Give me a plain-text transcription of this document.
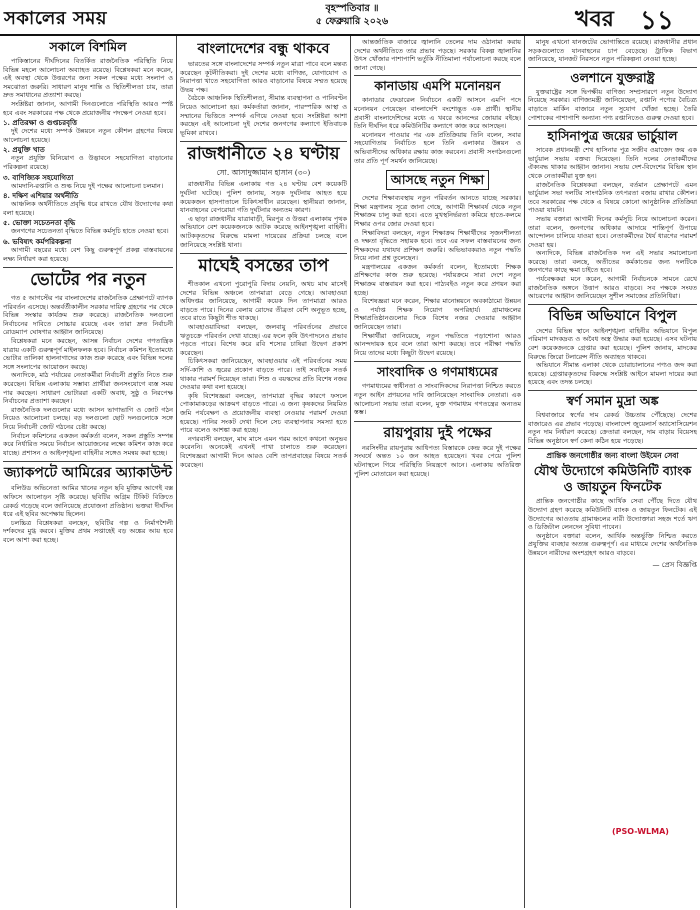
সকালের সময়	বৃহস্পতিবার ॥
৫ ফেব্রুয়ারি ২০২৬	খবর ১১
সকালে বিশমিল

পাকিস্তানের দীর্ঘদিনের বিতর্কিত রাজনৈতিক পরিস্থিতি নিয়ে বিভিন্ন মহলে আলোচনা অব্যাহত রয়েছে। বিশ্লেষকরা মনে করেন, এই অবস্থা থেকে উত্তরণের জন্য সকল পক্ষের মধ্যে সংলাপ ও সমঝোতা জরুরি। সাধারণ মানুষ শান্তি ও স্থিতিশীলতা চায়, তারা দ্রুত সমাধানের প্রত্যাশা করছে।

সংশ্লিষ্টরা জানান, আগামী দিনগুলোতে পরিস্থিতি আরও স্পষ্ট হবে এবং সরকারের পক্ষ থেকে প্রয়োজনীয় পদক্ষেপ নেওয়া হবে।

১. প্রতিরক্ষা ও গুপ্তচরবৃত্তি

দুই দেশের মধ্যে সম্পর্ক উন্নয়নে নতুন কৌশল গ্রহণের বিষয়ে আলোচনা হয়েছে।

২. প্রযুক্তি খাত

নতুন প্রযুক্তি বিনিয়োগ ও উদ্ভাবনে সহযোগিতা বাড়ানোর পরিকল্পনা রয়েছে।

৩. বাণিজ্যিক সহযোগিতা

আমদানি-রপ্তানি ও শুল্ক নিয়ে দুই পক্ষের আলোচনা চলমান।

৪. দক্ষিণ এশিয়ার অর্থনীতি

আঞ্চলিক অর্থনীতিতে প্রবৃদ্ধি ধরে রাখতে যৌথ উদ্যোগের কথা বলা হয়েছে।

৫. ভোক্তা সচেতনতা বৃদ্ধি

জনগণের সচেতনতা বৃদ্ধিতে বিভিন্ন কর্মসূচি হাতে নেওয়া হবে।

৬. ভবিষ্যৎ কর্মপরিকল্পনা

আগামী বছরের মধ্যে বেশ কিছু গুরুত্বপূর্ণ প্রকল্প বাস্তবায়নের লক্ষ্য নির্ধারণ করা হয়েছে।

ভোটের পর নতুন

গত ৫ আগস্টের পর বাংলাদেশের রাজনৈতিক প্রেক্ষাপটে ব্যাপক পরিবর্তন এসেছে। অন্তর্বর্তীকালীন সরকার দায়িত্ব গ্রহণের পর থেকে বিভিন্ন সংস্কার কার্যক্রম শুরু করেছে। রাজনৈতিক দলগুলো নির্বাচনের দাবিতে সোচ্চার রয়েছে এবং তারা দ্রুত নির্বাচনী রোডম্যাপ ঘোষণার আহ্বান জানিয়েছে।

বিশ্লেষকরা মনে করছেন, আসন্ন নির্বাচন দেশের গণতান্ত্রিক যাত্রায় একটি গুরুত্বপূর্ণ মাইলফলক হবে। নির্বাচন কমিশন ইতোমধ্যে ভোটার তালিকা হালনাগাদের কাজ শুরু করেছে এবং বিভিন্ন দলের সঙ্গে সংলাপের আয়োজন করছে।

অন্যদিকে, মাঠ পর্যায়ের নেতাকর্মীরা নির্বাচনী প্রস্তুতি নিতে শুরু করেছেন। বিভিন্ন এলাকায় সম্ভাব্য প্রার্থীরা জনসংযোগে ব্যস্ত সময় পার করছেন। সাধারণ ভোটাররা একটি অবাধ, সুষ্ঠু ও নিরপেক্ষ নির্বাচনের প্রত্যাশা করছেন।

রাজনৈতিক দলগুলোর মধ্যে আসন ভাগাভাগি ও জোট গঠন নিয়েও আলোচনা চলছে। বড় দলগুলো ছোট দলগুলোকে সঙ্গে নিয়ে নির্বাচনী জোট গঠনের চেষ্টা করছে।

নির্বাচন কমিশনের একজন কর্মকর্তা বলেন, সকল প্রস্তুতি সম্পন্ন করে নির্ধারিত সময়ে নির্বাচন আয়োজনের লক্ষ্যে কমিশন কাজ করে যাচ্ছে। প্রশাসন ও আইনশৃঙ্খলা বাহিনীর সঙ্গেও সমন্বয় করা হচ্ছে।

জ্যাকপটে আমিরের অ্যাকাউন্ট

বলিউড অভিনেতা আমির খানের নতুন ছবি মুক্তির আগেই বক্স অফিসে আলোড়ন সৃষ্টি করেছে। ছবিটির অগ্রিম টিকিট বিক্রিতে রেকর্ড গড়েছে বলে জানিয়েছে প্রযোজনা প্রতিষ্ঠান। ভক্তরা দীর্ঘদিন ধরে এই ছবির অপেক্ষায় ছিলেন।

চলচ্চিত্র বিশ্লেষকরা বলছেন, ছবিটির গল্প ও নির্মাণশৈলী দর্শকদের মুগ্ধ করবে। মুক্তির প্রথম সপ্তাহেই বড় অঙ্কের আয় হবে বলে আশা করা হচ্ছে।

বাংলাদেশের বন্ধু থাকবে

ভারতের সঙ্গে বাংলাদেশের সম্পর্ক নতুন মাত্রা পাবে বলে মন্তব্য করেছেন কূটনীতিকরা। দুই দেশের মধ্যে বাণিজ্য, যোগাযোগ ও নিরাপত্তা খাতে সহযোগিতা আরও বাড়ানোর বিষয়ে সম্মত হয়েছে উভয় পক্ষ।

বৈঠকে আঞ্চলিক স্থিতিশীলতা, সীমান্ত ব্যবস্থাপনা ও পানিবণ্টন নিয়েও আলোচনা হয়। কর্মকর্তারা জানান, পারস্পরিক আস্থা ও সম্মানের ভিত্তিতে সম্পর্ক এগিয়ে নেওয়া হবে। সংশ্লিষ্টরা আশা করছেন এই আলোচনা দুই দেশের জনগণের কল্যাণে ইতিবাচক ভূমিকা রাখবে।

রাজধানীতে ২৪ ঘণ্টায়
সো. আসাদুজ্জামান হাসান (৩০)

রাজধানীর বিভিন্ন এলাকায় গত ২৪ ঘণ্টায় বেশ কয়েকটি দুর্ঘটনা ঘটেছে। পুলিশ জানায়, সড়ক দুর্ঘটনায় আহত হয়ে কয়েকজন হাসপাতালে চিকিৎসাধীন রয়েছেন। স্থানীয়রা জানান, যানবাহনের বেপরোয়া গতি দুর্ঘটনার অন্যতম কারণ।

এ ছাড়া রাজধানীর যাত্রাবাড়ী, মিরপুর ও উত্তরা এলাকায় পৃথক অভিযানে বেশ কয়েকজনকে আটক করেছে আইনশৃঙ্খলা বাহিনী। আটককৃতদের বিরুদ্ধে মামলা দায়েরের প্রক্রিয়া চলছে বলে জানিয়েছে সংশ্লিষ্ট থানা।

মাঘেই বসন্তের তাপ

শীতকাল এখনো পুরোপুরি বিদায় নেয়নি, অথচ মাঘ মাসেই দেশের বিভিন্ন অঞ্চলে তাপমাত্রা বেড়ে গেছে। আবহাওয়া অধিদপ্তর জানিয়েছে, আগামী কয়েক দিন তাপমাত্রা আরও বাড়তে পারে। দিনের বেলায় রোদের তীব্রতা বেশি অনুভূত হচ্ছে, তবে রাতে কিছুটা শীত থাকছে।

আবহাওয়াবিদরা বলছেন, জলবায়ু পরিবর্তনের প্রভাবে ঋতুচক্রে পরিবর্তন দেখা যাচ্ছে। এর ফলে কৃষি উৎপাদনেও প্রভাব পড়তে পারে। বিশেষ করে রবি শস্যের চাষিরা উদ্বেগ প্রকাশ করেছেন।

চিকিৎসকরা জানিয়েছেন, আবহাওয়ার এই পরিবর্তনের সময় সর্দি-কাশি ও জ্বরের প্রকোপ বাড়তে পারে। তাই সবাইকে সতর্ক থাকার পরামর্শ দিয়েছেন তারা। শিশু ও বয়স্কদের প্রতি বিশেষ নজর দেওয়ার কথা বলা হয়েছে।

কৃষি বিশেষজ্ঞরা বলছেন, তাপমাত্রা বৃদ্ধির কারণে ফসলে পোকামাকড়ের আক্রমণ বাড়তে পারে। এ জন্য কৃষকদের নিয়মিত জমি পর্যবেক্ষণ ও প্রয়োজনীয় ব্যবস্থা নেওয়ার পরামর্শ দেওয়া হয়েছে। পানির সংকট দেখা দিলে সেচ ব্যবস্থাপনায় সমস্যা হতে পারে বলেও আশঙ্কা করা হচ্ছে।

নগরবাসী বলছেন, মাঘ মাসে এমন গরম আগে কখনো অনুভব করেননি। অনেকেই এখনই পাখা চালাতে শুরু করেছেন। বিশেষজ্ঞরা আগামী দিনে আরও বেশি তাপপ্রবাহের বিষয়ে সতর্ক করেছেন।

আন্তর্জাতিক বাজারে জ্বালানি তেলের দাম ওঠানামা করায় দেশের অর্থনীতিতে তার প্রভাব পড়ছে। সরকার বিকল্প জ্বালানির উৎস খোঁজার পাশাপাশি ভর্তুকি নীতিমালা পর্যালোচনা করছে বলে জানা গেছে।

কানাডায় এমপি মনোনয়ন

কানাডার ফেডারেল নির্বাচনে একটি আসনে এমপি পদে মনোনয়ন পেয়েছেন বাংলাদেশি বংশোদ্ভূত এক প্রার্থী। স্থানীয় প্রবাসী বাংলাদেশিদের মধ্যে এ খবরে আনন্দের জোয়ার বইছে। তিনি দীর্ঘদিন ধরে কমিউনিটির কল্যাণে কাজ করে আসছেন।

মনোনয়ন পাওয়ার পর এক প্রতিক্রিয়ায় তিনি বলেন, সবার সহযোগিতায় নির্বাচিত হলে তিনি এলাকার উন্নয়ন ও অভিবাসীদের অধিকার রক্ষায় কাজ করবেন। প্রবাসী সংগঠনগুলো তার প্রতি পূর্ণ সমর্থন জানিয়েছে।

আসছে নতুন শিক্ষা

দেশের শিক্ষাব্যবস্থায় নতুন পরিবর্তন আনতে যাচ্ছে সরকার। শিক্ষা মন্ত্রণালয় সূত্রে জানা গেছে, আগামী শিক্ষাবর্ষ থেকে নতুন শিক্ষাক্রম চালু করা হবে। এতে মুখস্থনির্ভরতা কমিয়ে হাতে-কলমে শিক্ষার ওপর জোর দেওয়া হবে।

শিক্ষাবিদরা বলছেন, নতুন শিক্ষাক্রম শিক্ষার্থীদের সৃজনশীলতা ও দক্ষতা বৃদ্ধিতে সহায়ক হবে। তবে এর সফল বাস্তবায়নের জন্য শিক্ষকদের যথাযথ প্রশিক্ষণ জরুরি। অভিভাবকরাও নতুন পদ্ধতি নিয়ে নানা প্রশ্ন তুলেছেন।

মন্ত্রণালয়ের একজন কর্মকর্তা বলেন, ইতোমধ্যে শিক্ষক প্রশিক্ষণের কাজ শুরু হয়েছে। পর্যায়ক্রমে সারা দেশে নতুন শিক্ষাক্রম বাস্তবায়ন করা হবে। পাঠ্যবইও নতুন করে প্রণয়ন করা হচ্ছে।

বিশেষজ্ঞরা মনে করেন, শিক্ষার মানোন্নয়নে অবকাঠামো উন্নয়ন ও পর্যাপ্ত শিক্ষক নিয়োগ অপরিহার্য। গ্রামাঞ্চলের শিক্ষাপ্রতিষ্ঠানগুলোর দিকে বিশেষ নজর দেওয়ার আহ্বান জানিয়েছেন তারা।

শিক্ষার্থীরা জানিয়েছে, নতুন পদ্ধতিতে পড়াশোনা আরও আনন্দদায়ক হবে বলে তারা আশা করছে। তবে পরীক্ষা পদ্ধতি নিয়ে তাদের মধ্যে কিছুটা উদ্বেগ রয়েছে।

সাংবাদিক ও গণমাধ্যমের

গণমাধ্যমের স্বাধীনতা ও সাংবাদিকদের নিরাপত্তা নিশ্চিত করতে নতুন আইন প্রণয়নের দাবি জানিয়েছেন সাংবাদিক নেতারা। এক আলোচনা সভায় তারা বলেন, মুক্ত গণমাধ্যম গণতন্ত্রের অন্যতম স্তম্ভ।

রায়পুরায় দুই পক্ষের

নরসিংদীর রায়পুরায় আধিপত্য বিস্তারকে কেন্দ্র করে দুই পক্ষের সংঘর্ষে অন্তত ১০ জন আহত হয়েছেন। খবর পেয়ে পুলিশ ঘটনাস্থলে গিয়ে পরিস্থিতি নিয়ন্ত্রণে আনে। এলাকায় অতিরিক্ত পুলিশ মোতায়েন করা হয়েছে।

মানুষ এখনো যানজটের ভোগান্তিতে রয়েছে। রাজধানীর প্রধান সড়কগুলোতে যানবাহনের চাপ বেড়েছে। ট্রাফিক বিভাগ জানিয়েছে, যানজট নিরসনে নতুন পরিকল্পনা নেওয়া হচ্ছে।

ওলশানে যুক্তরাষ্ট্র

যুক্তরাষ্ট্রের সঙ্গে দ্বিপক্ষীয় বাণিজ্য সম্প্রসারণে নতুন উদ্যোগ নিয়েছে সরকার। বাণিজ্যমন্ত্রী জানিয়েছেন, রপ্তানি পণ্যের বৈচিত্র্য বাড়াতে মার্কিন বাজারে নতুন সুযোগ খোঁজা হচ্ছে। তৈরি পোশাকের পাশাপাশি অন্যান্য পণ্য রপ্তানিতেও গুরুত্ব দেওয়া হবে।

হাসিনাপুত্র জয়ের ভার্চুয়াল

সাবেক প্রধানমন্ত্রী শেখ হাসিনার পুত্র সজীব ওয়াজেদ জয় এক ভার্চুয়াল সভায় বক্তব্য দিয়েছেন। তিনি দলের নেতাকর্মীদের ঐক্যবদ্ধ থাকার আহ্বান জানান। সভায় দেশ-বিদেশের বিভিন্ন স্থান থেকে নেতাকর্মীরা যুক্ত হন।

রাজনৈতিক বিশ্লেষকরা বলছেন, বর্তমান প্রেক্ষাপটে এমন ভার্চুয়াল সভা দলটির সাংগঠনিক তৎপরতা বজায় রাখার কৌশল। তবে সরকারের পক্ষ থেকে এ বিষয়ে কোনো আনুষ্ঠানিক প্রতিক্রিয়া পাওয়া যায়নি।

সভায় বক্তারা আগামী দিনের কর্মসূচি নিয়ে আলোচনা করেন। তারা বলেন, জনগণের অধিকার আদায়ে শান্তিপূর্ণ উপায়ে আন্দোলন চালিয়ে যাওয়া হবে। নেতাকর্মীদের ধৈর্য ধারণের পরামর্শ দেওয়া হয়।

অন্যদিকে, বিভিন্ন রাজনৈতিক দল এই সভার সমালোচনা করেছে। তারা বলছে, অতীতের কর্মকাণ্ডের জন্য দলটিকে জনগণের কাছে ক্ষমা চাইতে হবে।

পর্যবেক্ষকরা মনে করেন, আগামী নির্বাচনকে সামনে রেখে রাজনৈতিক অঙ্গনে উত্তাপ আরও বাড়বে। সব পক্ষকে সংযত আচরণের আহ্বান জানিয়েছেন সুশীল সমাজের প্রতিনিধিরা।

বিভিন্ন অভিযানে বিপুল

দেশের বিভিন্ন স্থানে আইনশৃঙ্খলা বাহিনীর অভিযানে বিপুল পরিমাণ মাদকদ্রব্য ও অবৈধ অস্ত্র উদ্ধার করা হয়েছে। এসব ঘটনায় বেশ কয়েকজনকে গ্রেপ্তার করা হয়েছে। পুলিশ জানায়, মাদকের বিরুদ্ধে জিরো টলারেন্স নীতি অব্যাহত থাকবে।

অভিযানে সীমান্ত এলাকা থেকে চোরাচালানের পণ্যও জব্দ করা হয়েছে। গ্রেপ্তারকৃতদের বিরুদ্ধে সংশ্লিষ্ট আইনে মামলা দায়ের করা হয়েছে এবং তদন্ত চলছে।

স্বর্ণ সমান মুদ্রা অঙ্ক

বিশ্ববাজারে স্বর্ণের দাম রেকর্ড উচ্চতায় পৌঁছেছে। দেশের বাজারেও এর প্রভাব পড়েছে। বাংলাদেশ জুয়েলার্স অ্যাসোসিয়েশন নতুন দাম নির্ধারণ করেছে। ক্রেতারা বলছেন, দাম বাড়ায় বিয়েসহ বিভিন্ন অনুষ্ঠানে স্বর্ণ কেনা কঠিন হয়ে পড়েছে।

প্রান্তিক জনগোষ্ঠীর জন্য বাংলা উইমেন সেবা
যৌথ উদ্যোগে কমিউনিটি ব্যাংক ও জায়তুন ফিনটেক

প্রান্তিক জনগোষ্ঠীর কাছে আর্থিক সেবা পৌঁছে দিতে যৌথ উদ্যোগ গ্রহণ করেছে কমিউনিটি ব্যাংক ও জায়তুন ফিনটেক। এই উদ্যোগের আওতায় গ্রামাঞ্চলের নারী উদ্যোক্তারা সহজ শর্তে ঋণ ও ডিজিটাল লেনদেন সুবিধা পাবেন।

অনুষ্ঠানে বক্তারা বলেন, আর্থিক অন্তর্ভুক্তি নিশ্চিত করতে প্রযুক্তির ব্যবহার অত্যন্ত গুরুত্বপূর্ণ। এর মাধ্যমে দেশের অর্থনৈতিক উন্নয়নে নারীদের অংশগ্রহণ আরও বাড়বে।

— প্রেস বিজ্ঞপ্তি
(PSO-WLMA)
